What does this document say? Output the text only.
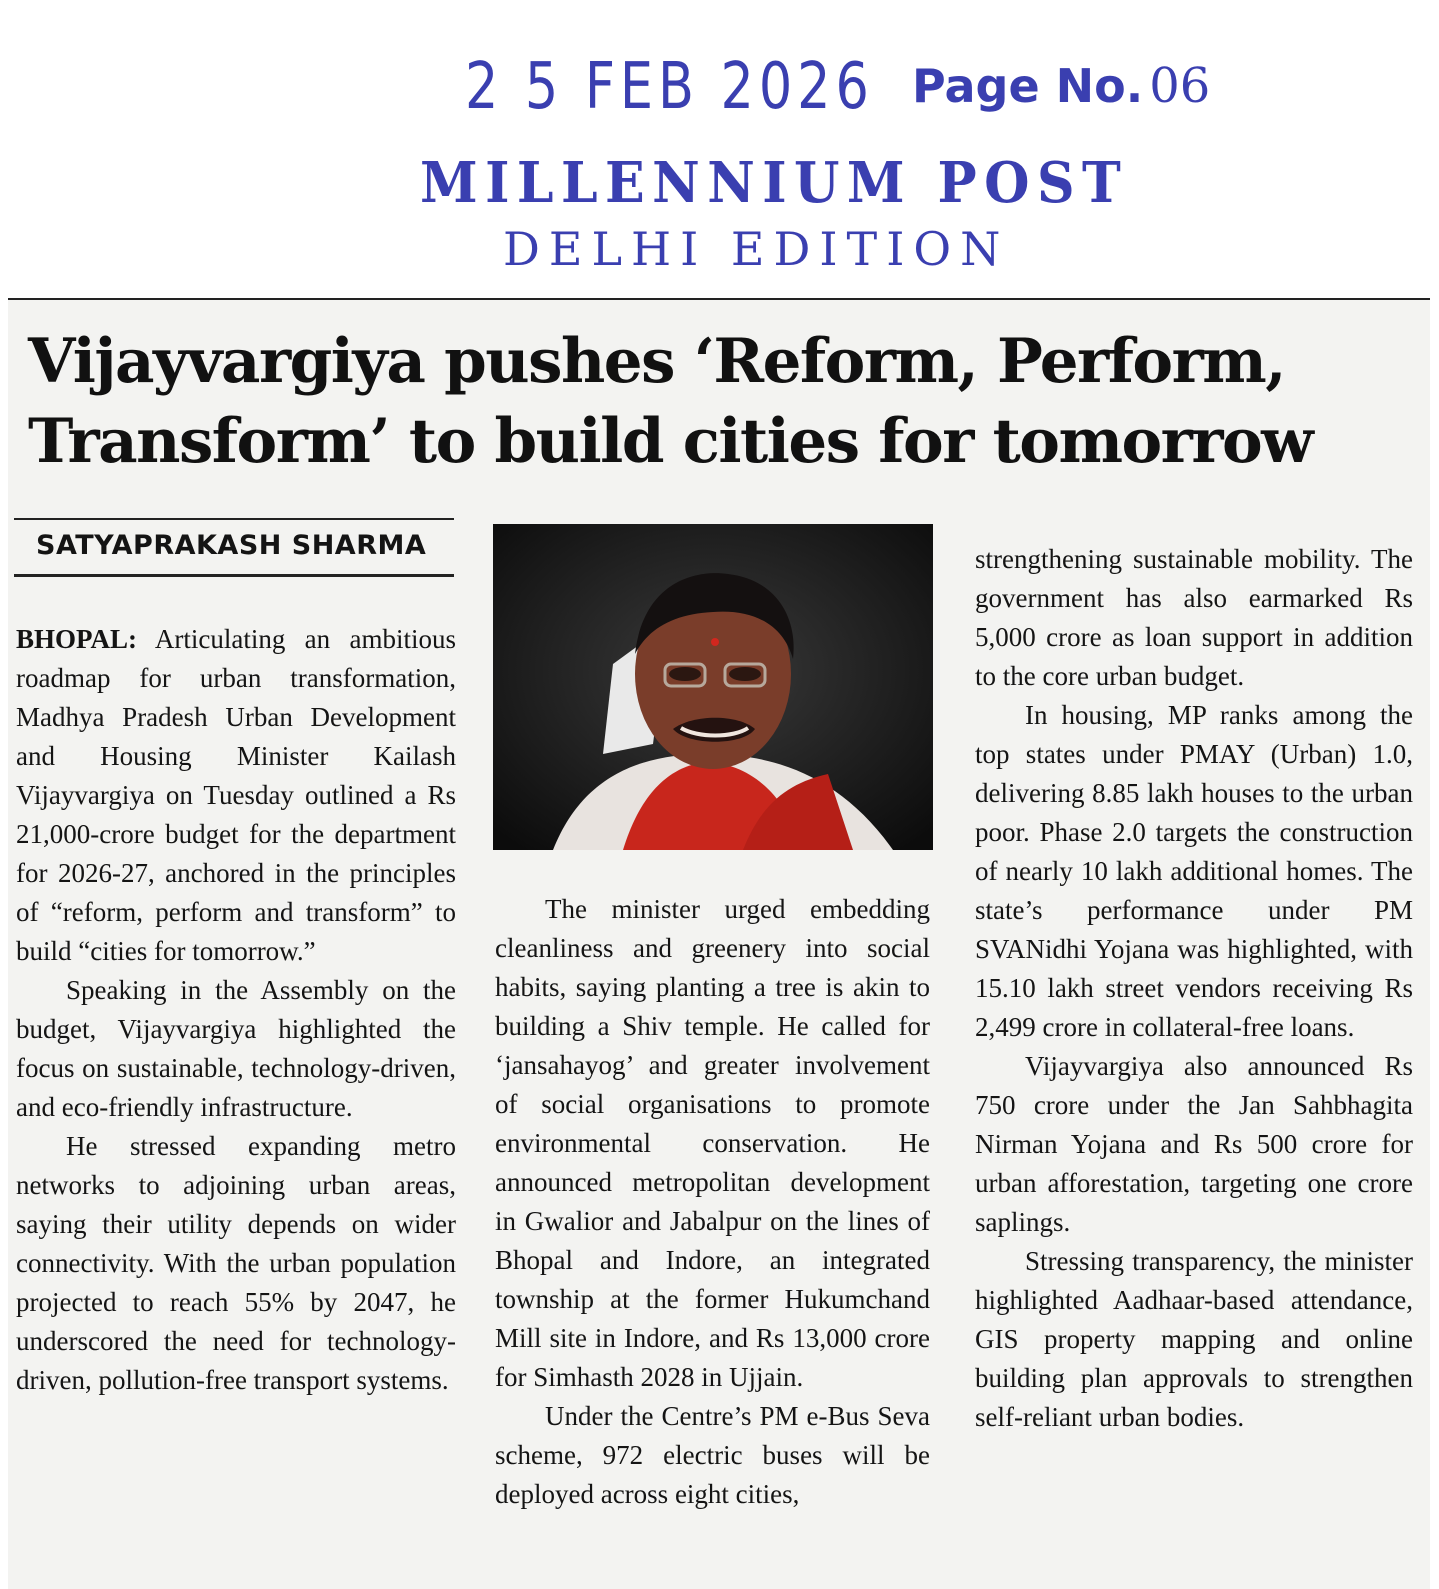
2 5 FEB 2026 Page No. 06
MILLENNIUM POST
DELHI EDITION
Vijayvargiya pushes ‘Reform, Perform,
Transform’ to build cities for tomorrow
SATYAPRAKASH SHARMA

BHOPAL: Articulating an ambitious roadmap for urban transformation, Madhya Pradesh Urban Development and Housing Minister Kailash Vijayvargiya on Tuesday outlined a Rs 21,000-crore budget for the department for 2026-27, anchored in the principles of “reform, perform and transform” to build “cities for tomorrow.”

Speaking in the Assembly on the budget, Vijayvargiya highlighted the focus on sustainable, technology-driven, and eco-friendly infrastructure.

He stressed expanding metro networks to adjoining urban areas, saying their utility depends on wider connectivity. With the urban population projected to reach 55% by 2047, he underscored the need for technology-driven, pollution-free transport systems.

The minister urged embedding cleanliness and greenery into social habits, saying planting a tree is akin to building a Shiv temple. He called for ‘jansahayog’ and greater involvement of social organisations to promote environmental conservation. He announced metropolitan development in Gwalior and Jabalpur on the lines of Bhopal and Indore, an integrated township at the former Hukumchand Mill site in Indore, and Rs 13,000 crore for Simhasth 2028 in Ujjain.

Under the Centre’s PM e-Bus Seva scheme, 972 electric buses will be deployed across eight cities,

strengthening sustainable mobility. The government has also earmarked Rs 5,000 crore as loan support in addition to the core urban budget.

In housing, MP ranks among the top states under PMAY (Urban) 1.0, delivering 8.85 lakh houses to the urban poor. Phase 2.0 targets the construction of nearly 10 lakh additional homes. The state’s performance under PM SVANidhi Yojana was highlighted, with 15.10 lakh street vendors receiving Rs 2,499 crore in collateral-free loans.

Vijayvargiya also announced Rs 750 crore under the Jan Sahbhagita Nirman Yojana and Rs 500 crore for urban afforestation, targeting one crore saplings.

Stressing transparency, the minister highlighted Aadhaar-based attendance, GIS property mapping and online building plan approvals to strengthen self-reliant urban bodies.
